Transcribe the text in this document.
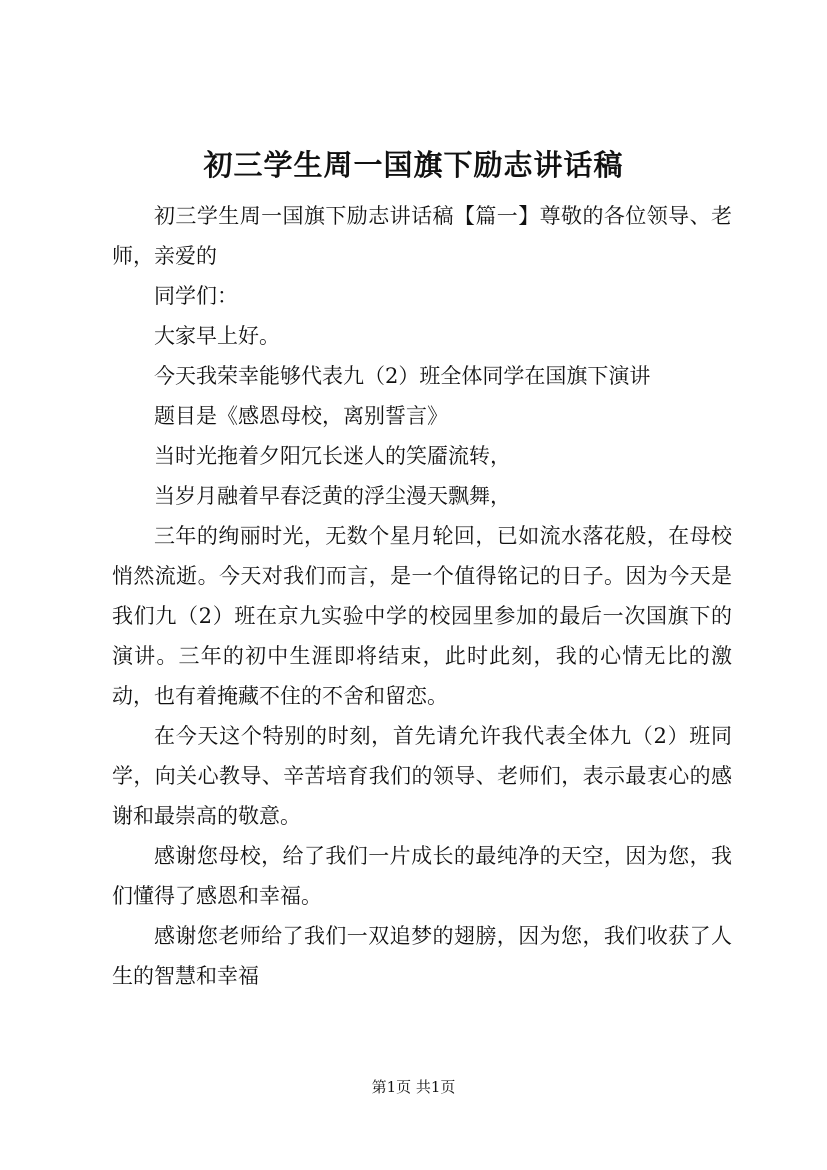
初三学生周一国旗下励志讲话稿

初三学生周一国旗下励志讲话稿【篇一】尊敬的各位领导、老师，亲爱的

同学们：

大家早上好。

今天我荣幸能够代表九（2）班全体同学在国旗下演讲

题目是《感恩母校，离别誓言》

当时光拖着夕阳冗长迷人的笑靥流转，

当岁月融着早春泛黄的浮尘漫天飘舞，

三年的绚丽时光，无数个星月轮回，已如流水落花般，在母校悄然流逝。今天对我们而言，是一个值得铭记的日子。因为今天是我们九（2）班在京九实验中学的校园里参加的最后一次国旗下的演讲。三年的初中生涯即将结束，此时此刻，我的心情无比的激动，也有着掩藏不住的不舍和留恋。

在今天这个特别的时刻，首先请允许我代表全体九（2）班同学，向关心教导、辛苦培育我们的领导、老师们，表示最衷心的感谢和最崇高的敬意。

感谢您母校，给了我们一片成长的最纯净的天空，因为您，我们懂得了感恩和幸福。

感谢您老师给了我们一双追梦的翅膀，因为您，我们收获了人生的智慧和幸福

第1页 共1页
